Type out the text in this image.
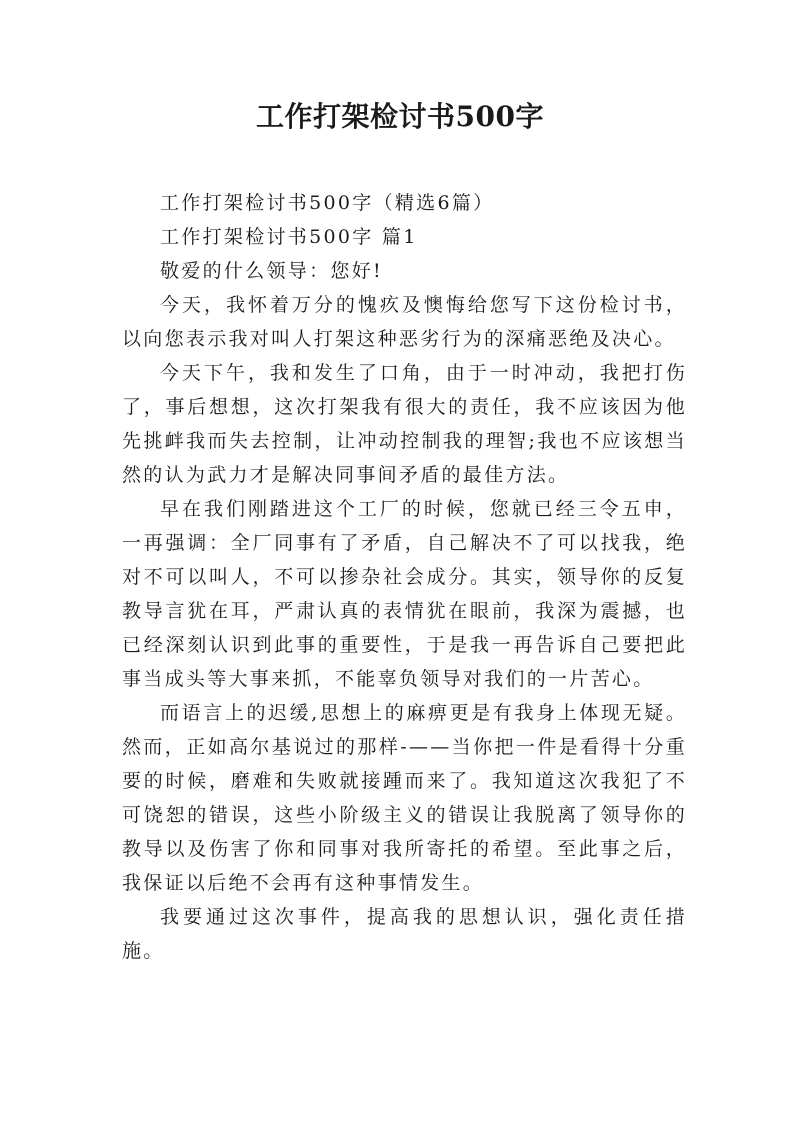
工作打架检讨书500字

工作打架检讨书500字（精选6篇）

工作打架检讨书500字 篇1

敬爱的什么领导：您好!

今天，我怀着万分的愧疚及懊悔给您写下这份检讨书，以向您表示我对叫人打架这种恶劣行为的深痛恶绝及决心。

今天下午，我和发生了口角，由于一时冲动，我把打伤了，事后想想，这次打架我有很大的责任，我不应该因为他先挑衅我而失去控制，让冲动控制我的理智;我也不应该想当然的认为武力才是解决同事间矛盾的最佳方法。

早在我们刚踏进这个工厂的时候，您就已经三令五申，一再强调：全厂同事有了矛盾，自己解决不了可以找我，绝对不可以叫人，不可以掺杂社会成分。其实，领导你的反复教导言犹在耳，严肃认真的表情犹在眼前，我深为震撼，也已经深刻认识到此事的重要性，于是我一再告诉自己要把此事当成头等大事来抓，不能辜负领导对我们的一片苦心。

而语言上的迟缓,思想上的麻痹更是有我身上体现无疑。然而，正如高尔基说过的那样-——当你把一件是看得十分重要的时候，磨难和失败就接踵而来了。我知道这次我犯了不可饶恕的错误，这些小阶级主义的错误让我脱离了领导你的教导以及伤害了你和同事对我所寄托的希望。至此事之后，我保证以后绝不会再有这种事情发生。

我要通过这次事件，提高我的思想认识，强化责任措施。
